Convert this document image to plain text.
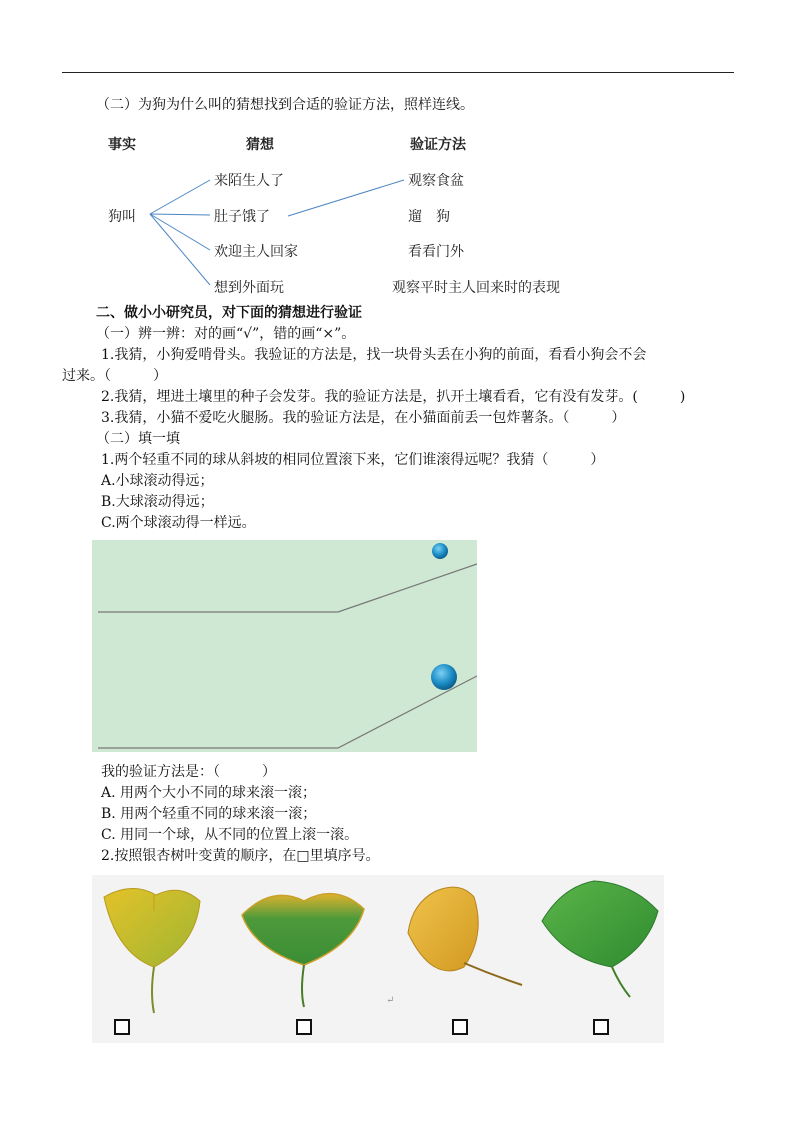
（二）为狗为什么叫的猜想找到合适的验证方法，照样连线。
事实	猜想	验证方法
狗叫
来陌生人了
肚子饿了
欢迎主人回家
想到外面玩
观察食盆
遛　狗
看看门外
观察平时主人回来时的表现
二、做小小研究员，对下面的猜想进行验证
（一）辨一辨：对的画“√”，错的画“×”。
1.我猜，小狗爱啃骨头。我验证的方法是，找一块骨头丢在小狗的前面，看看小狗会不会
过来。（　　　）
2.我猜，埋进土壤里的种子会发芽。我的验证方法是，扒开土壤看看，它有没有发芽。(　　　)
3.我猜，小猫不爱吃火腿肠。我的验证方法是，在小猫面前丢一包炸薯条。（　　　）
（二）填一填
1.两个轻重不同的球从斜坡的相同位置滚下来，它们谁滚得远呢？我猜（　　　）
A.小球滚动得远；
B.大球滚动得远；
C.两个球滚动得一样远。
我的验证方法是：（　　　）
A. 用两个大小不同的球来滚一滚；
B. 用两个轻重不同的球来滚一滚；
C. 用同一个球，从不同的位置上滚一滚。
2.按照银杏树叶变黄的顺序，在□里填序号。
↵
